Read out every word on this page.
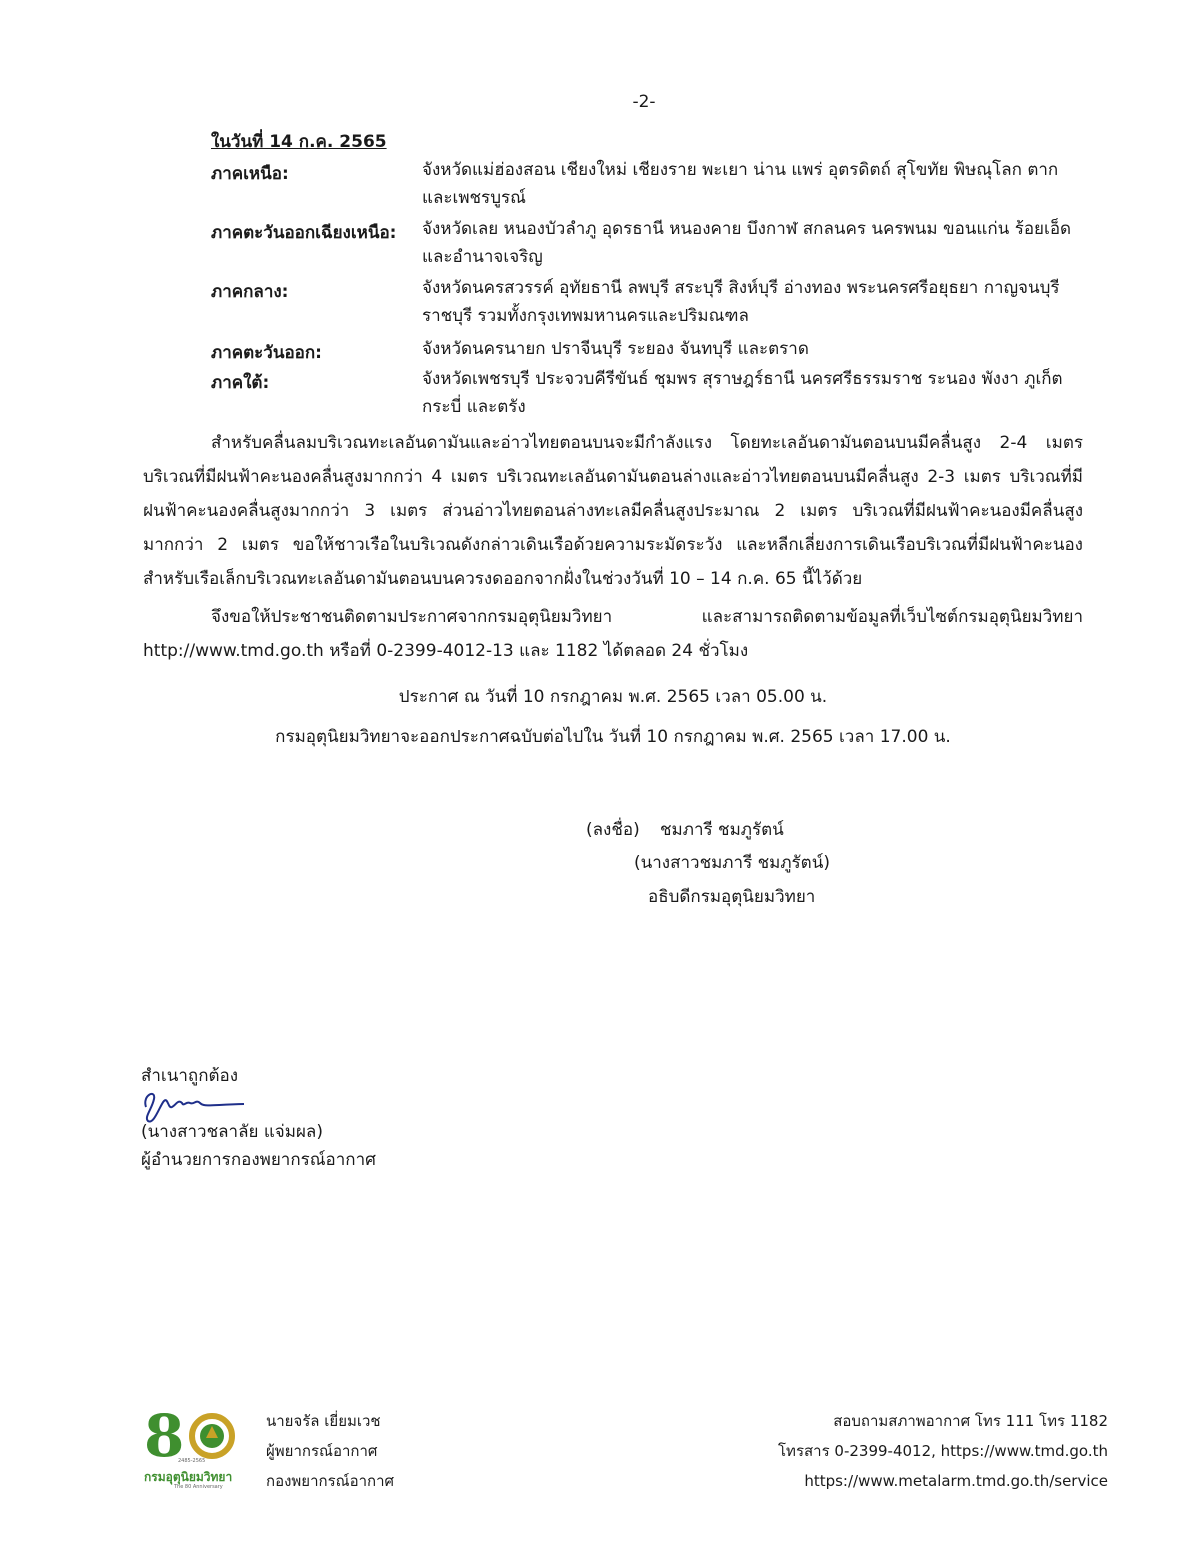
-2-
ในวันที่ 14 ก.ค. 2565
ภาคเหนือ:	จังหวัดแม่ฮ่องสอน เชียงใหม่ เชียงราย พะเยา น่าน แพร่ อุตรดิตถ์ สุโขทัย พิษณุโลก ตาก และเพชรบูรณ์
ภาคตะวันออกเฉียงเหนือ: จังหวัดเลย หนองบัวลำภู อุดรธานี หนองคาย บึงกาฬ สกลนคร นครพนม ขอนแก่น ร้อยเอ็ด และอำนาจเจริญ
ภาคกลาง:	จังหวัดนครสวรรค์ อุทัยธานี ลพบุรี สระบุรี สิงห์บุรี อ่างทอง พระนครศรีอยุธยา กาญจนบุรี ราชบุรี รวมทั้งกรุงเทพมหานครและปริมณฑล
ภาคตะวันออก:	จังหวัดนครนายก ปราจีนบุรี ระยอง จันทบุรี และตราด
ภาคใต้:	จังหวัดเพชรบุรี ประจวบคีรีขันธ์ ชุมพร สุราษฎร์ธานี นครศรีธรรมราช ระนอง พังงา ภูเก็ต กระบี่ และตรัง
สำหรับคลื่นลมบริเวณทะเลอันดามันและอ่าวไทยตอนบนจะมีกำลังแรง โดยทะเลอันดามันตอนบนมีคลื่นสูง 2-4 เมตร บริเวณที่มีฝนฟ้าคะนองคลื่นสูงมากกว่า 4 เมตร บริเวณทะเลอันดามันตอนล่างและอ่าวไทยตอนบนมีคลื่นสูง 2-3 เมตร บริเวณที่มีฝนฟ้าคะนองคลื่นสูงมากกว่า 3 เมตร ส่วนอ่าวไทยตอนล่างทะเลมีคลื่นสูงประมาณ 2 เมตร บริเวณที่มีฝนฟ้าคะนองมีคลื่นสูงมากกว่า 2 เมตร ขอให้ชาวเรือในบริเวณดังกล่าวเดินเรือด้วยความระมัดระวัง และหลีกเลี่ยงการเดินเรือบริเวณที่มีฝนฟ้าคะนอง สำหรับเรือเล็กบริเวณทะเลอันดามันตอนบนควรงดออกจากฝั่งในช่วงวันที่ 10 – 14 ก.ค. 65 นี้ไว้ด้วย
จึงขอให้ประชาชนติดตามประกาศจากกรมอุตุนิยมวิทยา และสามารถติดตามข้อมูลที่เว็บไซต์กรมอุตุนิยมวิทยา http://www.tmd.go.th หรือที่ 0-2399-4012-13 และ 1182 ได้ตลอด 24 ชั่วโมง
ประกาศ ณ วันที่ 10 กรกฎาคม พ.ศ. 2565 เวลา 05.00 น.
กรมอุตุนิยมวิทยาจะออกประกาศฉบับต่อไปใน วันที่ 10 กรกฎาคม พ.ศ. 2565 เวลา 17.00 น.
(ลงชื่อ) ชมภารี ชมภูรัตน์
(นางสาวชมภารี ชมภูรัตน์)
อธิบดีกรมอุตุนิยมวิทยา
สำเนาถูกต้อง
(นางสาวชลาลัย แจ่มผล)
ผู้อำนวยการกองพยากรณ์อากาศ
8
กรมอุตุนิยมวิทยา
The 80 Anniversary
2485-2565
นายจรัล เยี่ยมเวช
ผู้พยากรณ์อากาศ
กองพยากรณ์อากาศ
สอบถามสภาพอากาศ โทร 111 โทร 1182
โทรสาร 0-2399-4012, https://www.tmd.go.th
https://www.metalarm.tmd.go.th/service
